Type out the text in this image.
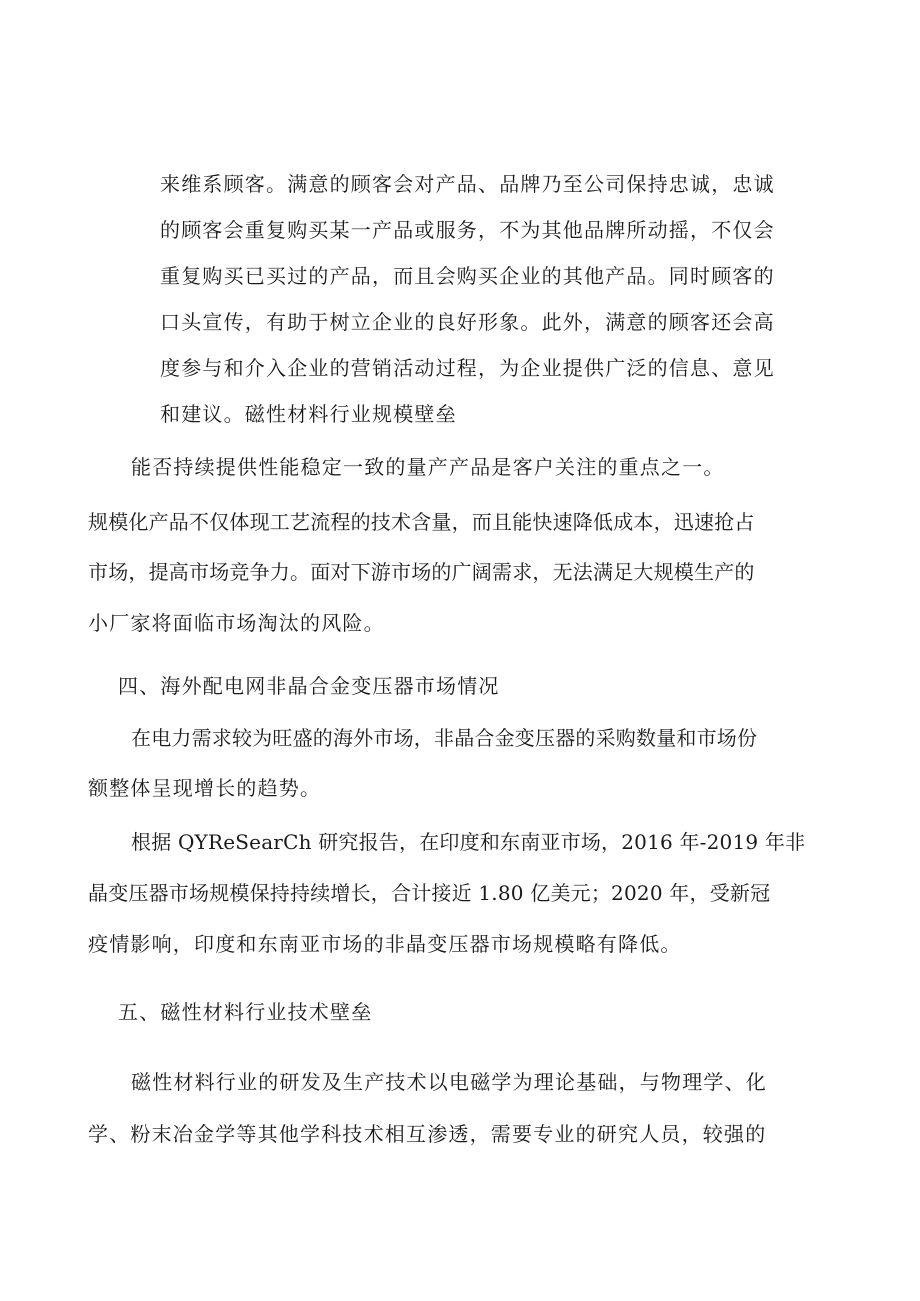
来维系顾客。满意的顾客会对产品、品牌乃至公司保持忠诚，忠诚
的顾客会重复购买某一产品或服务，不为其他品牌所动摇，不仅会
重复购买已买过的产品，而且会购买企业的其他产品。同时顾客的
口头宣传，有助于树立企业的良好形象。此外，满意的顾客还会高
度参与和介入企业的营销活动过程，为企业提供广泛的信息、意见
和建议。磁性材料行业规模壁垒
能否持续提供性能稳定一致的量产产品是客户关注的重点之一。
规模化产品不仅体现工艺流程的技术含量，而且能快速降低成本，迅速抢占
市场，提高市场竞争力。面对下游市场的广阔需求，无法满足大规模生产的
小厂家将面临市场淘汰的风险。
四、海外配电网非晶合金变压器市场情况
在电力需求较为旺盛的海外市场，非晶合金变压器的采购数量和市场份
额整体呈现增长的趋势。
根据 QYReSearCh 研究报告，在印度和东南亚市场，2016 年-2019 年非
晶变压器市场规模保持持续增长，合计接近 1.80 亿美元；2020 年，受新冠
疫情影响，印度和东南亚市场的非晶变压器市场规模略有降低。
五、磁性材料行业技术壁垒
磁性材料行业的研发及生产技术以电磁学为理论基础，与物理学、化
学、粉末冶金学等其他学科技术相互渗透，需要专业的研究人员，较强的
